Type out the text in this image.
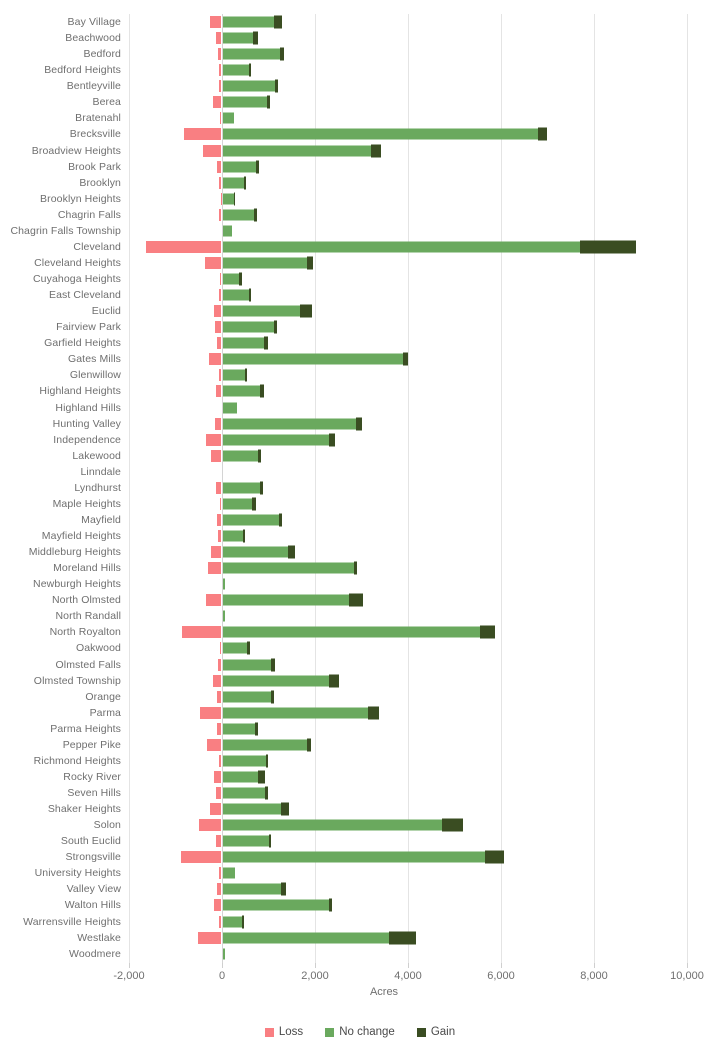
Bay Village
Beachwood
Bedford
Bedford Heights
Bentleyville
Berea
Bratenahl
Brecksville
Broadview Heights
Brook Park
Brooklyn
Brooklyn Heights
Chagrin Falls
Chagrin Falls Township
Cleveland
Cleveland Heights
Cuyahoga Heights
East Cleveland
Euclid
Fairview Park
Garfield Heights
Gates Mills
Glenwillow
Highland Heights
Highland Hills
Hunting Valley
Independence
Lakewood
Linndale
Lyndhurst
Maple Heights
Mayfield
Mayfield Heights
Middleburg Heights
Moreland Hills
Newburgh Heights
North Olmsted
North Randall
North Royalton
Oakwood
Olmsted Falls
Olmsted Township
Orange
Parma
Parma Heights
Pepper Pike
Richmond Heights
Rocky River
Seven Hills
Shaker Heights
Solon
South Euclid
Strongsville
University Heights
Valley View
Walton Hills
Warrensville Heights
Westlake
Woodmere
-2,000	0	2,000	4,000	6,000	8,000	10,000
Acres
Loss	No change	Gain
